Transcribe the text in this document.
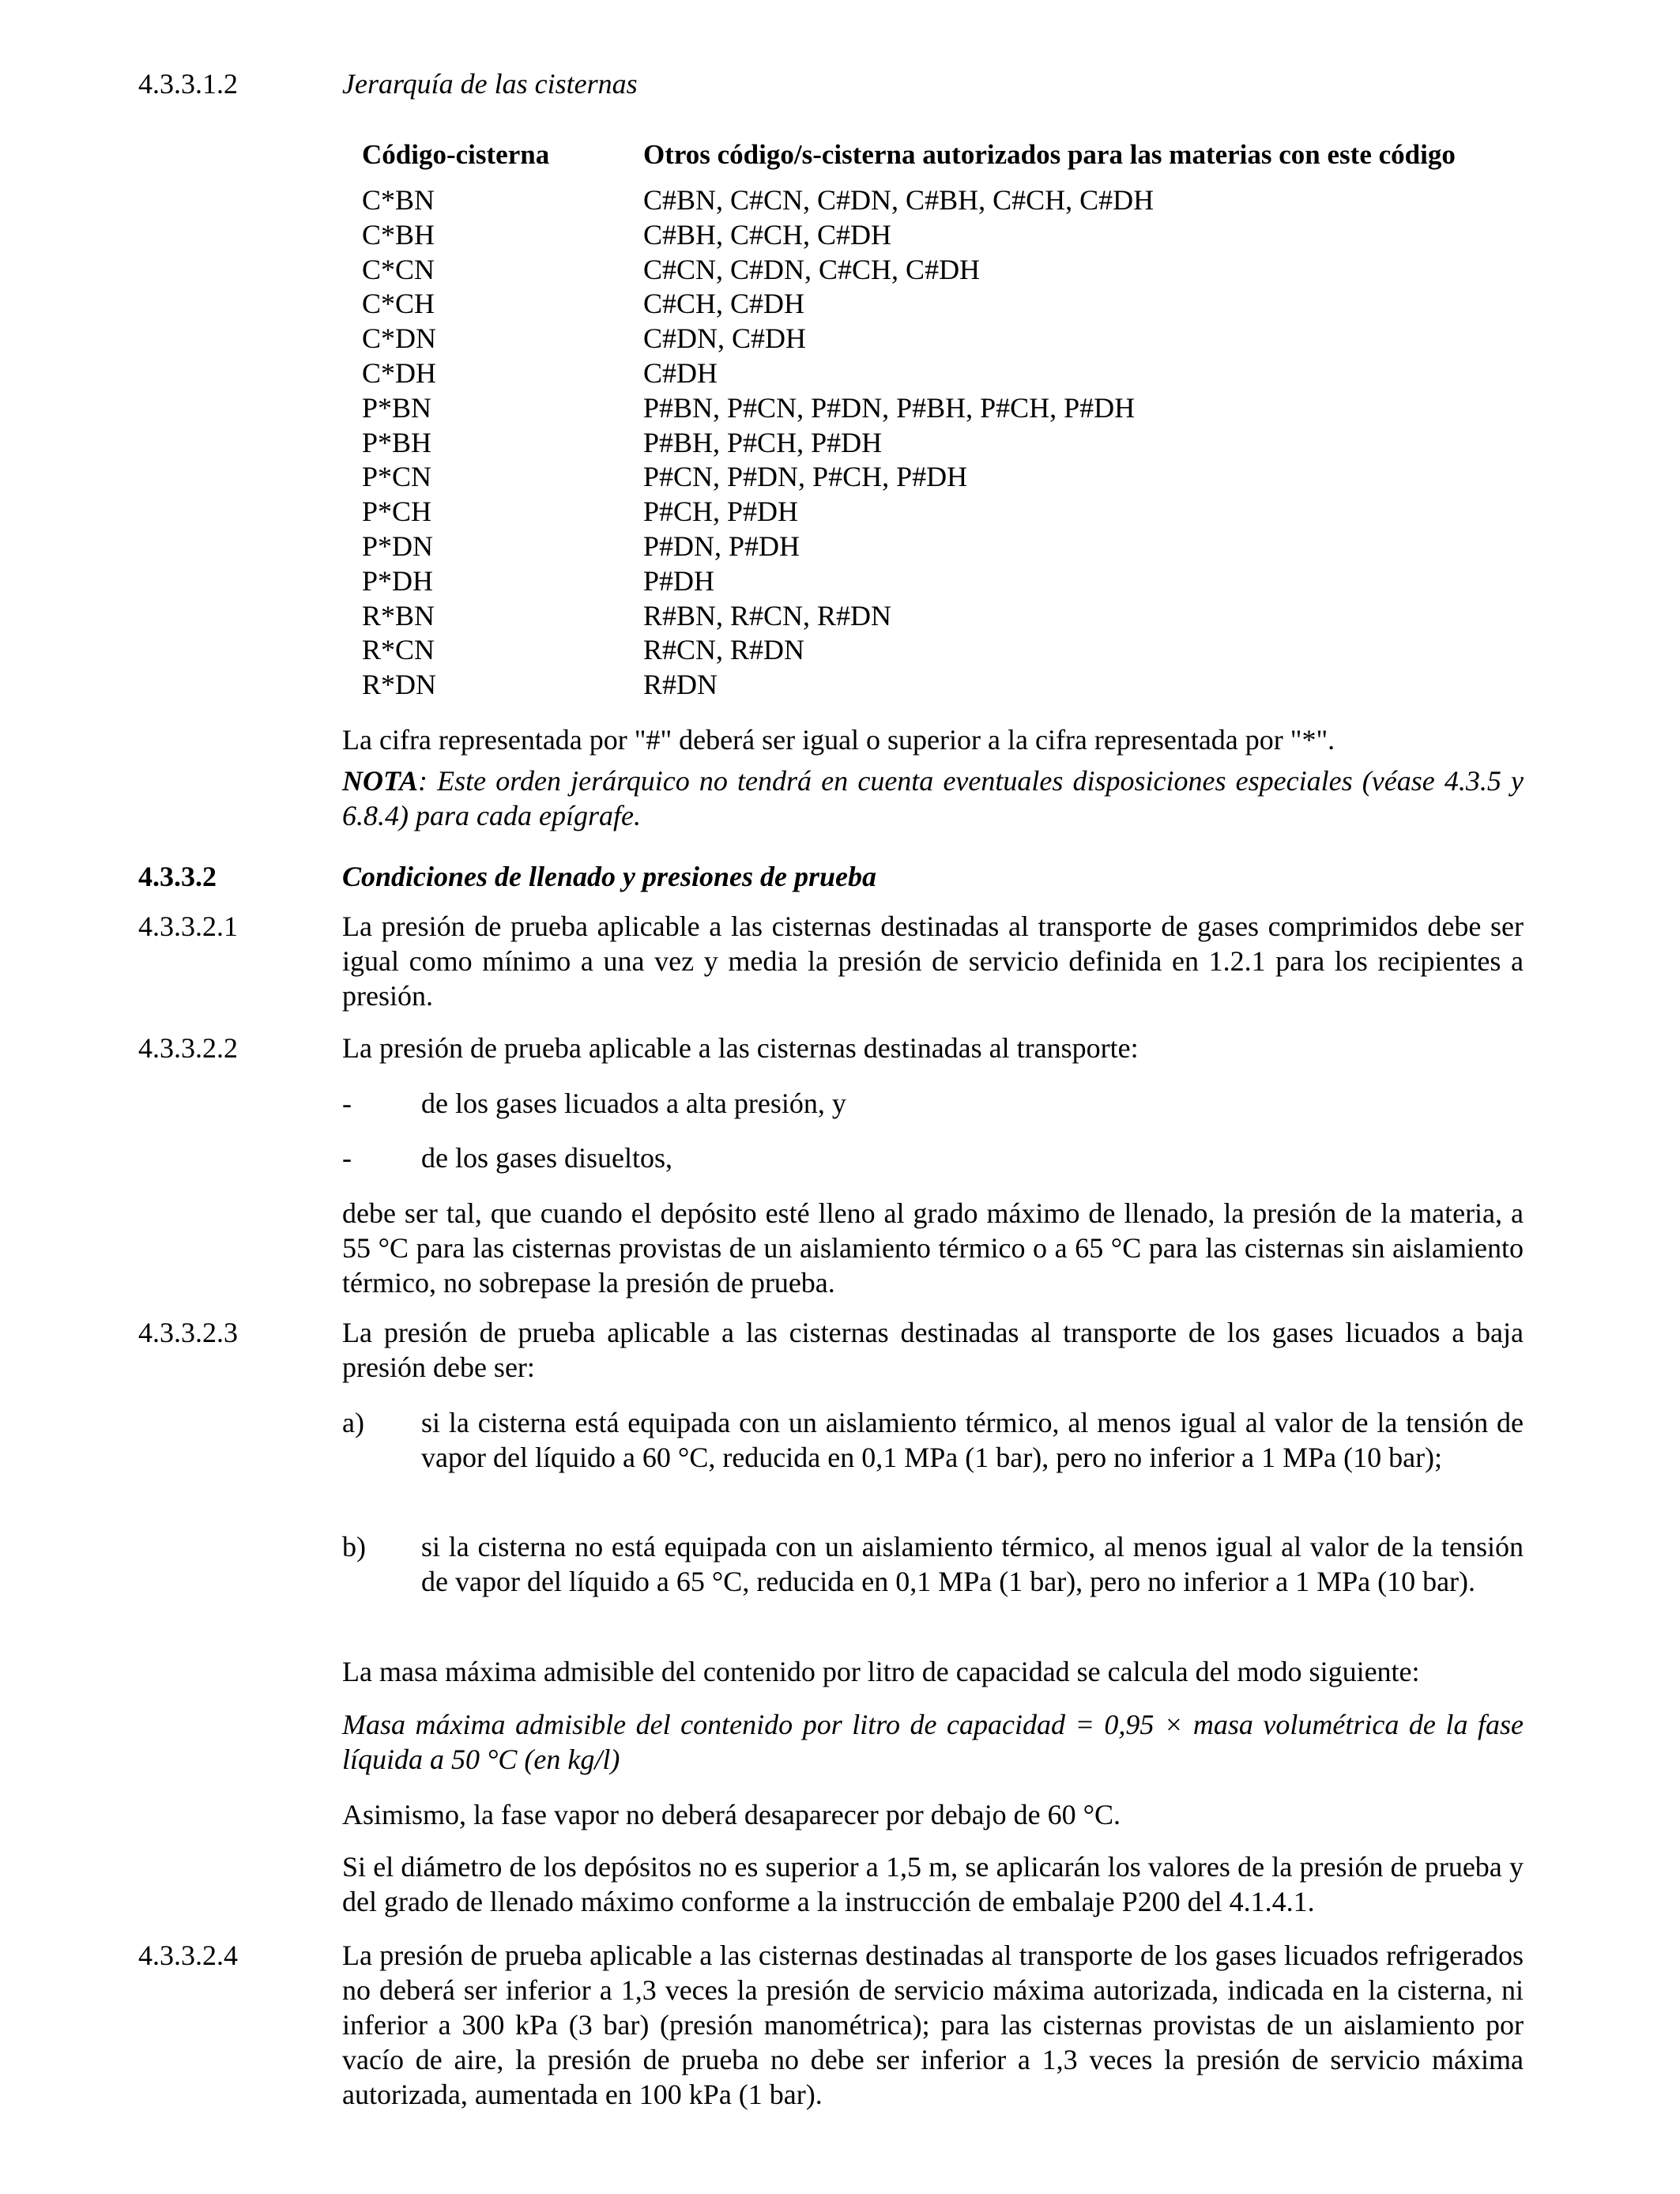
4.3.3.1.2	Jerarquía de las cisternas
Código-cisterna	Otros código/s-cisterna autorizados para las materias con este código
C*BN	C#BN, C#CN, C#DN, C#BH, C#CH, C#DH
C*BH	C#BH, C#CH, C#DH
C*CN	C#CN, C#DN, C#CH, C#DH
C*CH	C#CH, C#DH
C*DN	C#DN, C#DH
C*DH	C#DH
P*BN	P#BN, P#CN, P#DN, P#BH, P#CH, P#DH
P*BH	P#BH, P#CH, P#DH
P*CN	P#CN, P#DN, P#CH, P#DH
P*CH	P#CH, P#DH
P*DN	P#DN, P#DH
P*DH	P#DH
R*BN	R#BN, R#CN, R#DN
R*CN	R#CN, R#DN
R*DN	R#DN
La cifra representada por "#" deberá ser igual o superior a la cifra representada por "*".
NOTA: Este orden jerárquico no tendrá en cuenta eventuales disposiciones especiales (véase 4.3.5 y 6.8.4) para cada epígrafe.
4.3.3.2	Condiciones de llenado y presiones de prueba
4.3.3.2.1	La presión de prueba aplicable a las cisternas destinadas al transporte de gases comprimidos debe ser igual como mínimo a una vez y media la presión de servicio definida en 1.2.1 para los recipientes a presión.
4.3.3.2.2	La presión de prueba aplicable a las cisternas destinadas al transporte:
- de los gases licuados a alta presión, y
- de los gases disueltos,
debe ser tal, que cuando el depósito esté lleno al grado máximo de llenado, la presión de la materia, a 55 °C para las cisternas provistas de un aislamiento térmico o a 65 °C para las cisternas sin aislamiento térmico, no sobrepase la presión de prueba.
4.3.3.2.3	La presión de prueba aplicable a las cisternas destinadas al transporte de los gases licuados a baja presión debe ser:
a) si la cisterna está equipada con un aislamiento térmico, al menos igual al valor de la tensión de vapor del líquido a 60 °C, reducida en 0,1 MPa (1 bar), pero no inferior a 1 MPa (10 bar);
b) si la cisterna no está equipada con un aislamiento térmico, al menos igual al valor de la tensión de vapor del líquido a 65 °C, reducida en 0,1 MPa (1 bar), pero no inferior a 1 MPa (10 bar).
La masa máxima admisible del contenido por litro de capacidad se calcula del modo siguiente:
Masa máxima admisible del contenido por litro de capacidad = 0,95 × masa volumétrica de la fase líquida a 50 °C (en kg/l)
Asimismo, la fase vapor no deberá desaparecer por debajo de 60 °C.
Si el diámetro de los depósitos no es superior a 1,5 m, se aplicarán los valores de la presión de prueba y del grado de llenado máximo conforme a la instrucción de embalaje P200 del 4.1.4.1.
4.3.3.2.4	La presión de prueba aplicable a las cisternas destinadas al transporte de los gases licuados refrigerados no deberá ser inferior a 1,3 veces la presión de servicio máxima autorizada, indicada en la cisterna, ni inferior a 300 kPa (3 bar) (presión manométrica); para las cisternas provistas de un aislamiento por vacío de aire, la presión de prueba no debe ser inferior a 1,3 veces la presión de servicio máxima autorizada, aumentada en 100 kPa (1 bar).
